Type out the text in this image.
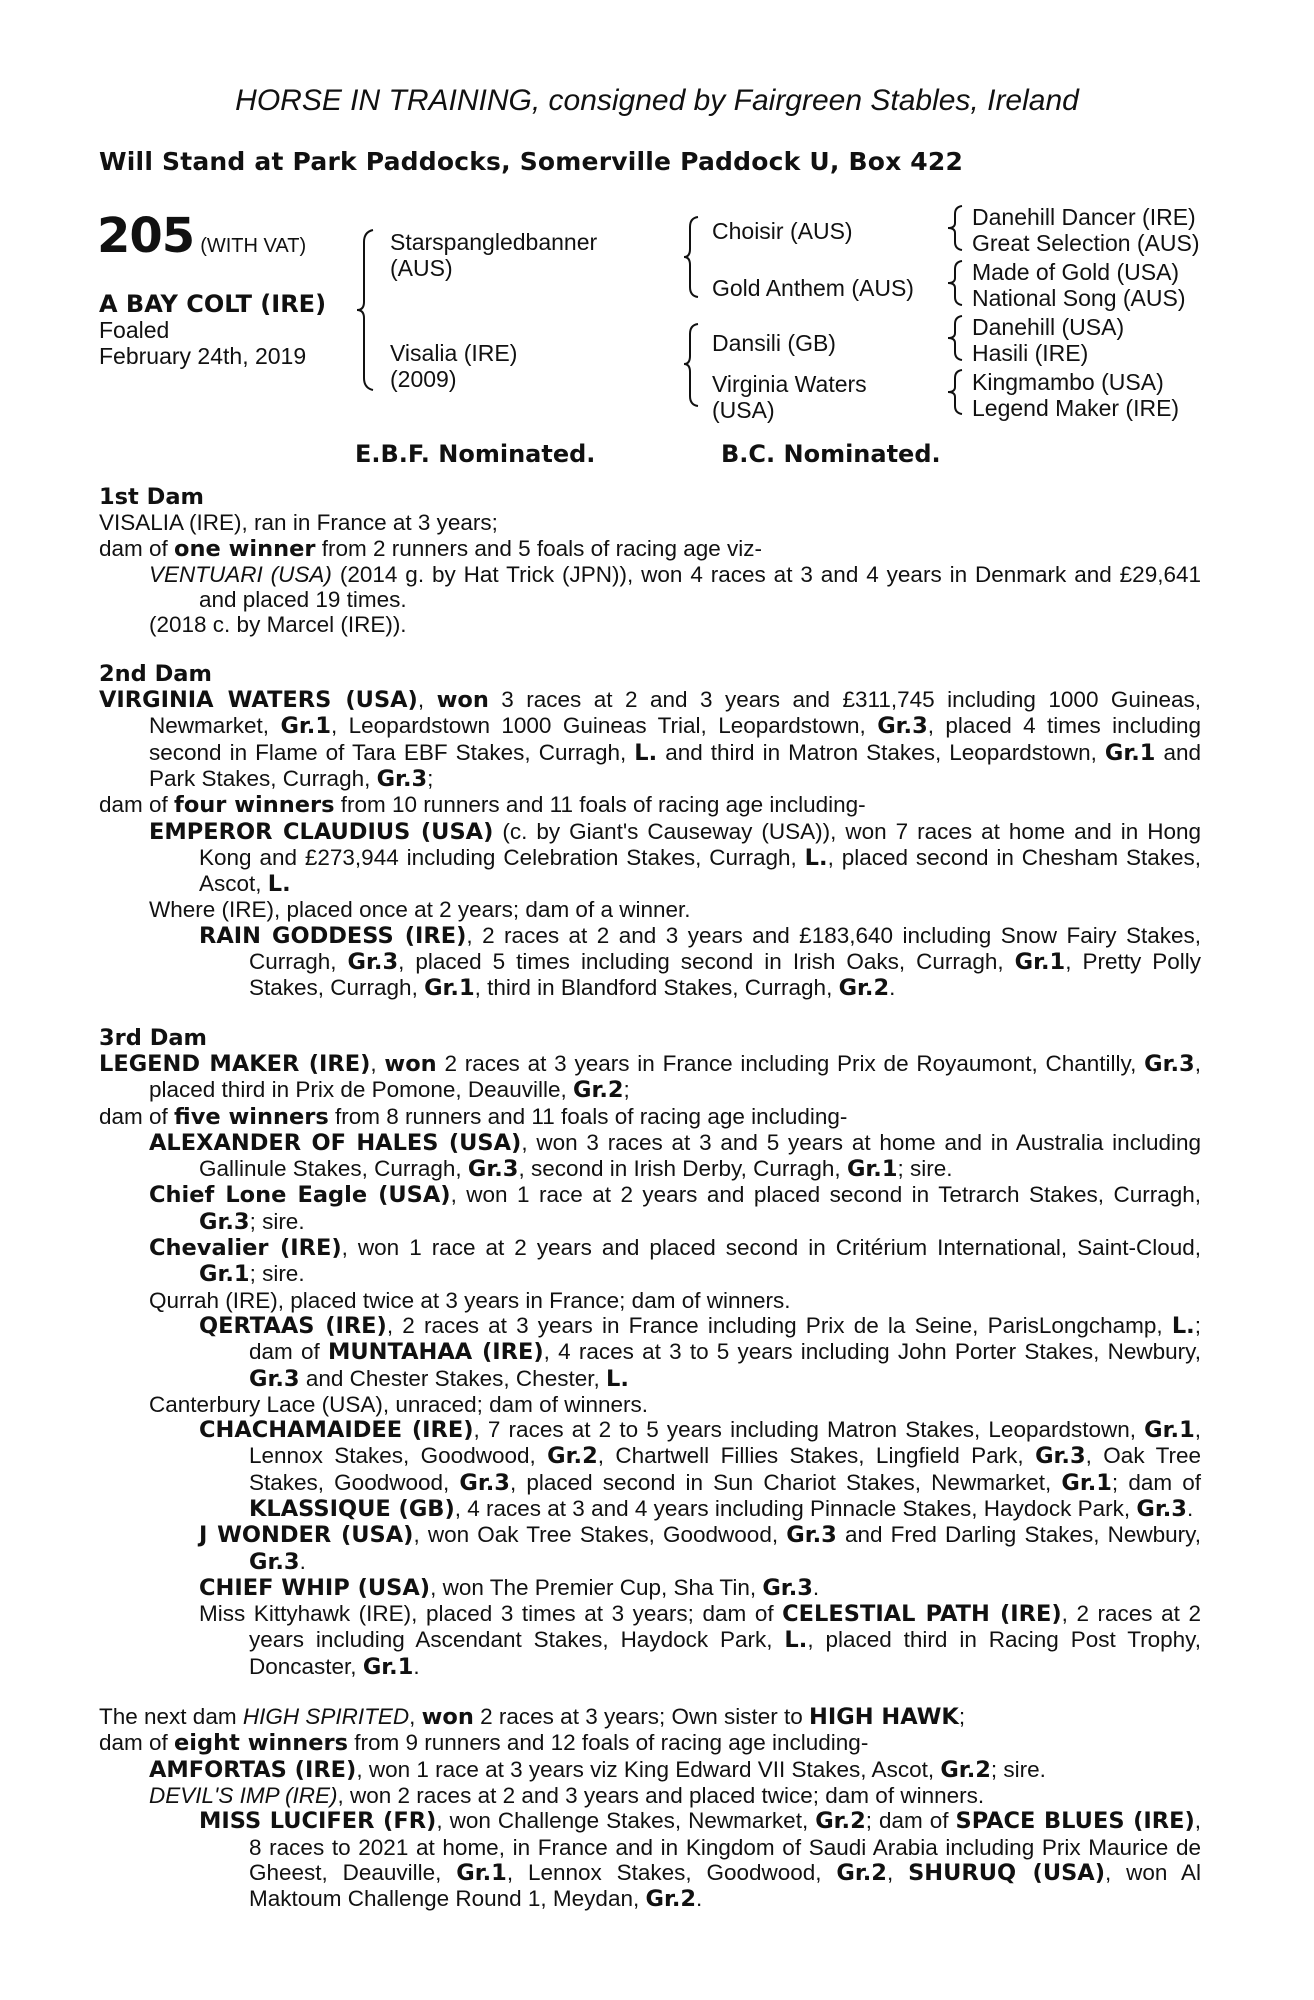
HORSE IN TRAINING, consigned by Fairgreen Stables, Ireland
Will Stand at Park Paddocks, Somerville Paddock U, Box 422
205 (WITH VAT)
A BAY COLT (IRE)
Foaled
February 24th, 2019
Starspangledbanner
(AUS)
Visalia (IRE)
(2009)
Choisir (AUS)
Gold Anthem (AUS)
Dansili (GB)
Virginia Waters
(USA)
Danehill Dancer (IRE)
Great Selection (AUS)
Made of Gold (USA)
National Song (AUS)
Danehill (USA)
Hasili (IRE)
Kingmambo (USA)
Legend Maker (IRE)
E.B.F. Nominated.	B.C. Nominated.
1st Dam

VISALIA (IRE), ran in France at 3 years;

dam of one winner from 2 runners and 5 foals of racing age viz-

VENTUARI (USA) (2014 g. by Hat Trick (JPN)), won 4 races at 3 and 4 years in Denmark and £29,641 and placed 19 times.

(2018 c. by Marcel (IRE)).

2nd Dam

VIRGINIA WATERS (USA), won 3 races at 2 and 3 years and £311,745 including 1000 Guineas, Newmarket, Gr.1, Leopardstown 1000 Guineas Trial, Leopardstown, Gr.3, placed 4 times including second in Flame of Tara EBF Stakes, Curragh, L. and third in Matron Stakes, Leopardstown, Gr.1 and Park Stakes, Curragh, Gr.3;

dam of four winners from 10 runners and 11 foals of racing age including-

EMPEROR CLAUDIUS (USA) (c. by Giant's Causeway (USA)), won 7 races at home and in Hong Kong and £273,944 including Celebration Stakes, Curragh, L., placed second in Chesham Stakes, Ascot, L.

Where (IRE), placed once at 2 years; dam of a winner.

RAIN GODDESS (IRE), 2 races at 2 and 3 years and £183,640 including Snow Fairy Stakes, Curragh, Gr.3, placed 5 times including second in Irish Oaks, Curragh, Gr.1, Pretty Polly Stakes, Curragh, Gr.1, third in Blandford Stakes, Curragh, Gr.2.

3rd Dam

LEGEND MAKER (IRE), won 2 races at 3 years in France including Prix de Royaumont, Chantilly, Gr.3, placed third in Prix de Pomone, Deauville, Gr.2;

dam of five winners from 8 runners and 11 foals of racing age including-

ALEXANDER OF HALES (USA), won 3 races at 3 and 5 years at home and in Australia including Gallinule Stakes, Curragh, Gr.3, second in Irish Derby, Curragh, Gr.1; sire.

Chief Lone Eagle (USA), won 1 race at 2 years and placed second in Tetrarch Stakes, Curragh, Gr.3; sire.

Chevalier (IRE), won 1 race at 2 years and placed second in Critérium International, Saint-Cloud, Gr.1; sire.

Qurrah (IRE), placed twice at 3 years in France; dam of winners.

QERTAAS (IRE), 2 races at 3 years in France including Prix de la Seine, ParisLongchamp, L.; dam of MUNTAHAA (IRE), 4 races at 3 to 5 years including John Porter Stakes, Newbury, Gr.3 and Chester Stakes, Chester, L.

Canterbury Lace (USA), unraced; dam of winners.

CHACHAMAIDEE (IRE), 7 races at 2 to 5 years including Matron Stakes, Leopardstown, Gr.1, Lennox Stakes, Goodwood, Gr.2, Chartwell Fillies Stakes, Lingfield Park, Gr.3, Oak Tree Stakes, Goodwood, Gr.3, placed second in Sun Chariot Stakes, Newmarket, Gr.1; dam of KLASSIQUE (GB), 4 races at 3 and 4 years including Pinnacle Stakes, Haydock Park, Gr.3.

J WONDER (USA), won Oak Tree Stakes, Goodwood, Gr.3 and Fred Darling Stakes, Newbury, Gr.3.

CHIEF WHIP (USA), won The Premier Cup, Sha Tin, Gr.3.

Miss Kittyhawk (IRE), placed 3 times at 3 years; dam of CELESTIAL PATH (IRE), 2 races at 2 years including Ascendant Stakes, Haydock Park, L., placed third in Racing Post Trophy, Doncaster, Gr.1.

The next dam HIGH SPIRITED, won 2 races at 3 years; Own sister to HIGH HAWK;

dam of eight winners from 9 runners and 12 foals of racing age including-

AMFORTAS (IRE), won 1 race at 3 years viz King Edward VII Stakes, Ascot, Gr.2; sire.

DEVIL'S IMP (IRE), won 2 races at 2 and 3 years and placed twice; dam of winners.

MISS LUCIFER (FR), won Challenge Stakes, Newmarket, Gr.2; dam of SPACE BLUES (IRE), 8 races to 2021 at home, in France and in Kingdom of Saudi Arabia including Prix Maurice de Gheest, Deauville, Gr.1, Lennox Stakes, Goodwood, Gr.2, SHURUQ (USA), won Al Maktoum Challenge Round 1, Meydan, Gr.2.
